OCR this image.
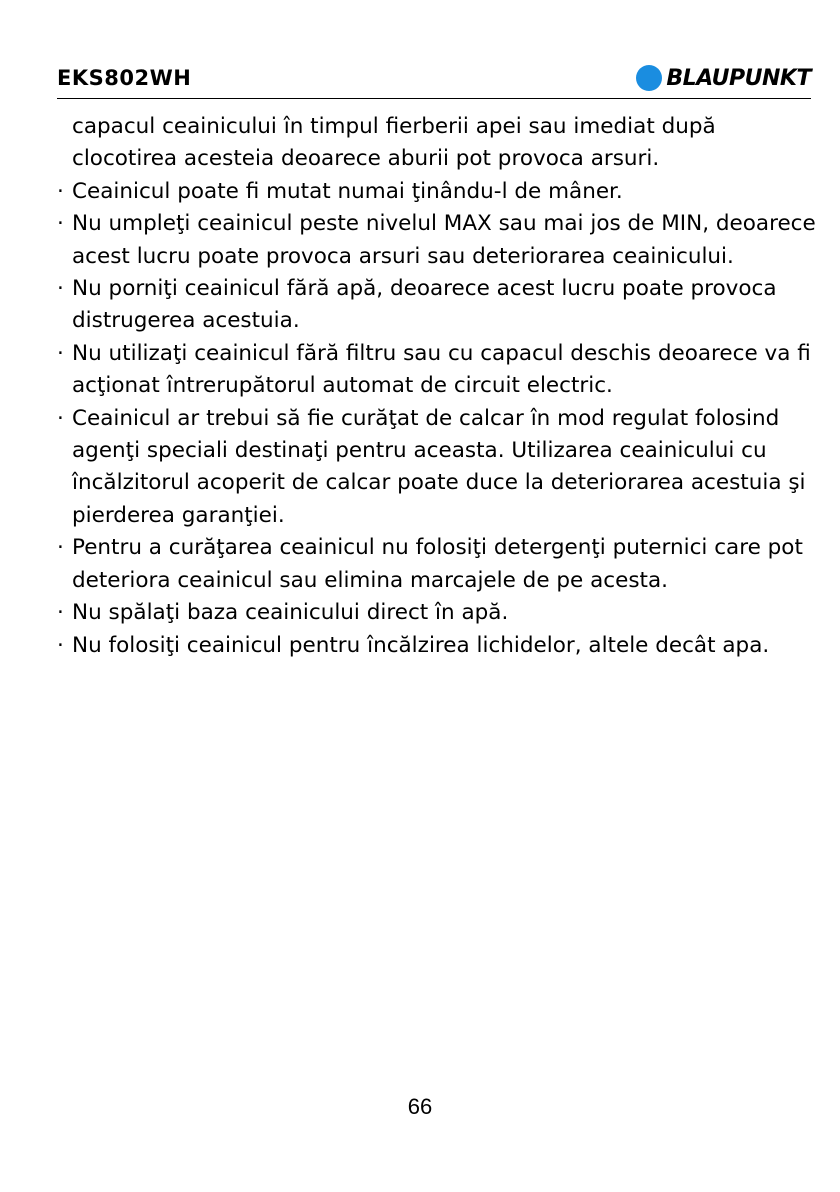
EKS802WH	BLAUPUNKT

capacul ceainicului în timpul fierberii apei sau imediat după clocotirea acesteia deoarece aburii pot provoca arsuri.

· Ceainicul poate fi mutat numai ţinându-l de mâner.
· Nu umpleţi ceainicul peste nivelul MAX sau mai jos de MIN, deoarece acest lucru poate provoca arsuri sau deteriorarea ceainicului.
· Nu porniţi ceainicul fără apă, deoarece acest lucru poate provoca distrugerea acestuia.
· Nu utilizaţi ceainicul fără filtru sau cu capacul deschis deoarece va fi acţionat întrerupătorul automat de circuit electric.
· Ceainicul ar trebui să fie curăţat de calcar în mod regulat folosind agenţi speciali destinaţi pentru aceasta. Utilizarea ceainicului cu încălzitorul acoperit de calcar poate duce la deteriorarea acestuia şi pierderea garanţiei.
· Pentru a curăţarea ceainicul nu folosiţi detergenţi puternici care pot deteriora ceainicul sau elimina marcajele de pe acesta.
· Nu spălaţi baza ceainicului direct în apă.
· Nu folosiţi ceainicul pentru încălzirea lichidelor, altele decât apa.
66
